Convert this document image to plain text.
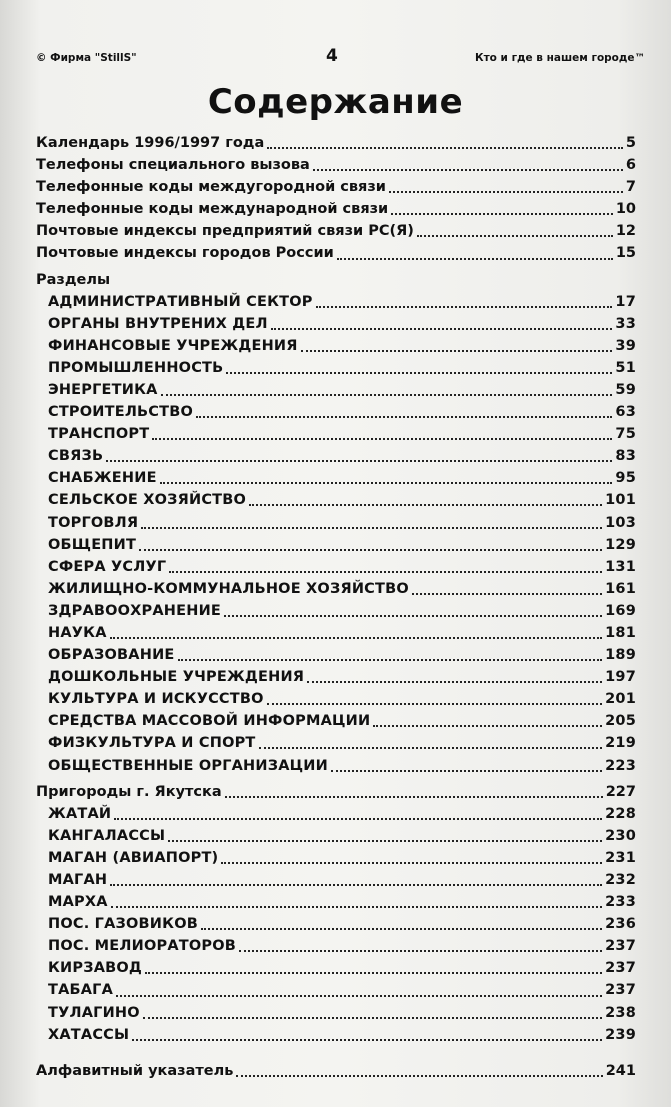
© Фирма "StillS"	4	Кто и где в нашем городе™
Содержание
Календарь 1996/1997 года	5
Телефоны специального вызова	6
Телефонные коды междугородной связи	7
Телефонные коды международной связи	10
Почтовые индексы предприятий связи РС(Я)	12
Почтовые индексы городов России	15
Разделы
АДМИНИСТРАТИВНЫЙ СЕКТОР	17
ОРГАНЫ ВНУТРЕНИХ ДЕЛ	33
ФИНАНСОВЫЕ УЧРЕЖДЕНИЯ	39
ПРОМЫШЛЕННОСТЬ	51
ЭНЕРГЕТИКА	59
СТРОИТЕЛЬСТВО	63
ТРАНСПОРТ	75
СВЯЗЬ	83
СНАБЖЕНИЕ	95
СЕЛЬСКОЕ ХОЗЯЙСТВО	101
ТОРГОВЛЯ	103
ОБЩЕПИТ	129
СФЕРА УСЛУГ	131
ЖИЛИЩНО-КОММУНАЛЬНОЕ ХОЗЯЙСТВО	161
ЗДРАВООХРАНЕНИЕ	169
НАУКА	181
ОБРАЗОВАНИЕ	189
ДОШКОЛЬНЫЕ УЧРЕЖДЕНИЯ	197
КУЛЬТУРА И ИСКУССТВО	201
СРЕДСТВА МАССОВОЙ ИНФОРМАЦИИ	205
ФИЗКУЛЬТУРА И СПОРТ	219
ОБЩЕСТВЕННЫЕ ОРГАНИЗАЦИИ	223
Пригороды г. Якутска	227
ЖАТАЙ	228
КАНГАЛАССЫ	230
МАГАН (АВИАПОРТ)	231
МАГАН	232
МАРХА	233
ПОС. ГАЗОВИКОВ	236
ПОС. МЕЛИОРАТОРОВ	237
КИРЗАВОД	237
ТАБАГА	237
ТУЛАГИНО	238
ХАТАССЫ	239
Алфавитный указатель	241
